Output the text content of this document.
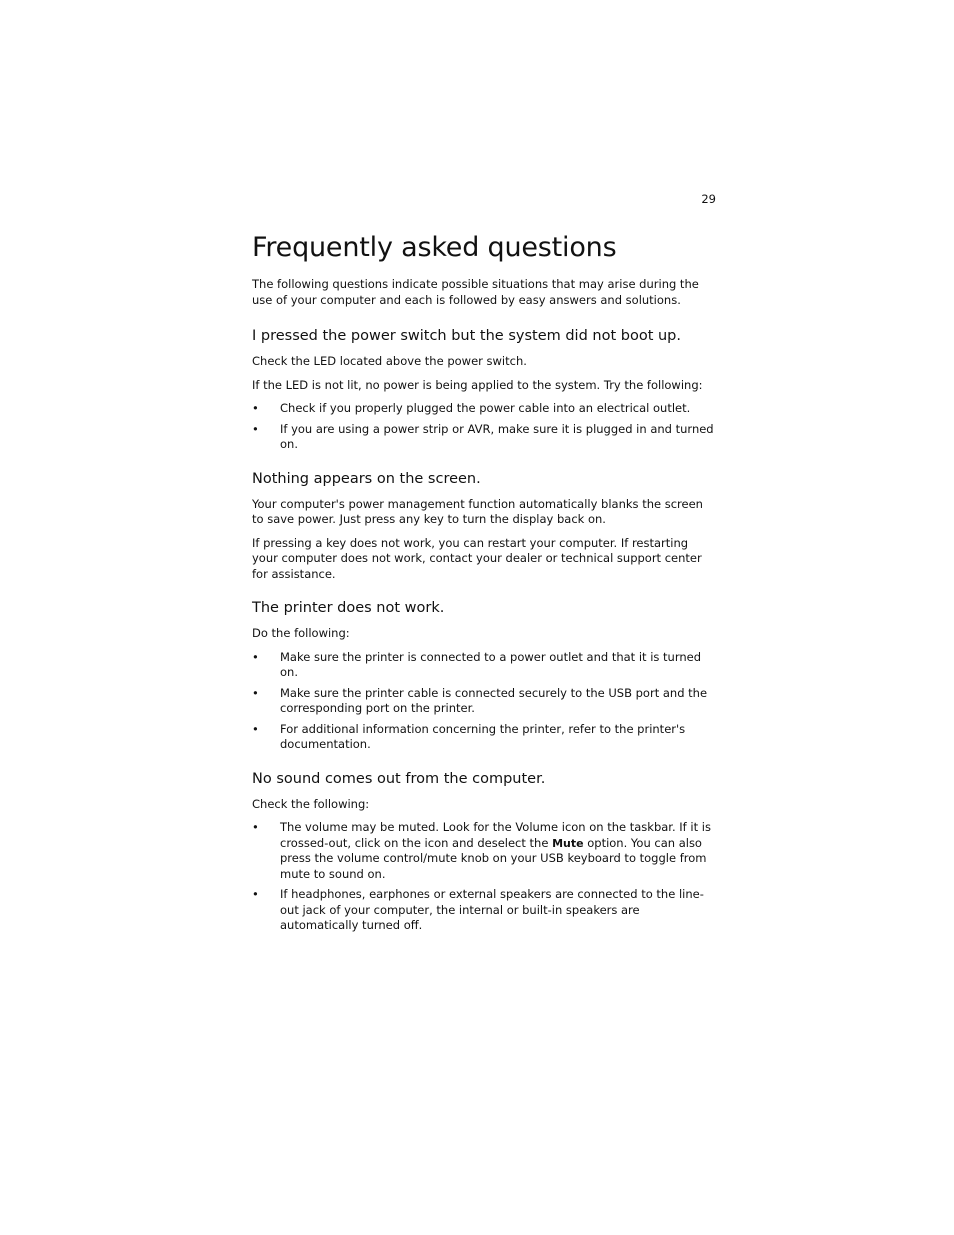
29
Frequently asked questions

The following questions indicate possible situations that may arise during the use of your computer and each is followed by easy answers and solutions.

I pressed the power switch but the system did not boot up.

Check the LED located above the power switch.

If the LED is not lit, no power is being applied to the system. Try the following:

• Check if you properly plugged the power cable into an electrical outlet.
• If you are using a power strip or AVR, make sure it is plugged in and turned on.
Nothing appears on the screen.

Your computer's power management function automatically blanks the screen to save power. Just press any key to turn the display back on.

If pressing a key does not work, you can restart your computer. If restarting your computer does not work, contact your dealer or technical support center for assistance.

The printer does not work.

Do the following:

• Make sure the printer is connected to a power outlet and that it is turned on.
• Make sure the printer cable is connected securely to the USB port and the corresponding port on the printer.
• For additional information concerning the printer, refer to the printer's documentation.
No sound comes out from the computer.

Check the following:

• The volume may be muted. Look for the Volume icon on the taskbar. If it is crossed-out, click on the icon and deselect the Mute option. You can also press the volume control/mute knob on your USB keyboard to toggle from mute to sound on.
• If headphones, earphones or external speakers are connected to the line-out jack of your computer, the internal or built-in speakers are automatically turned off.
